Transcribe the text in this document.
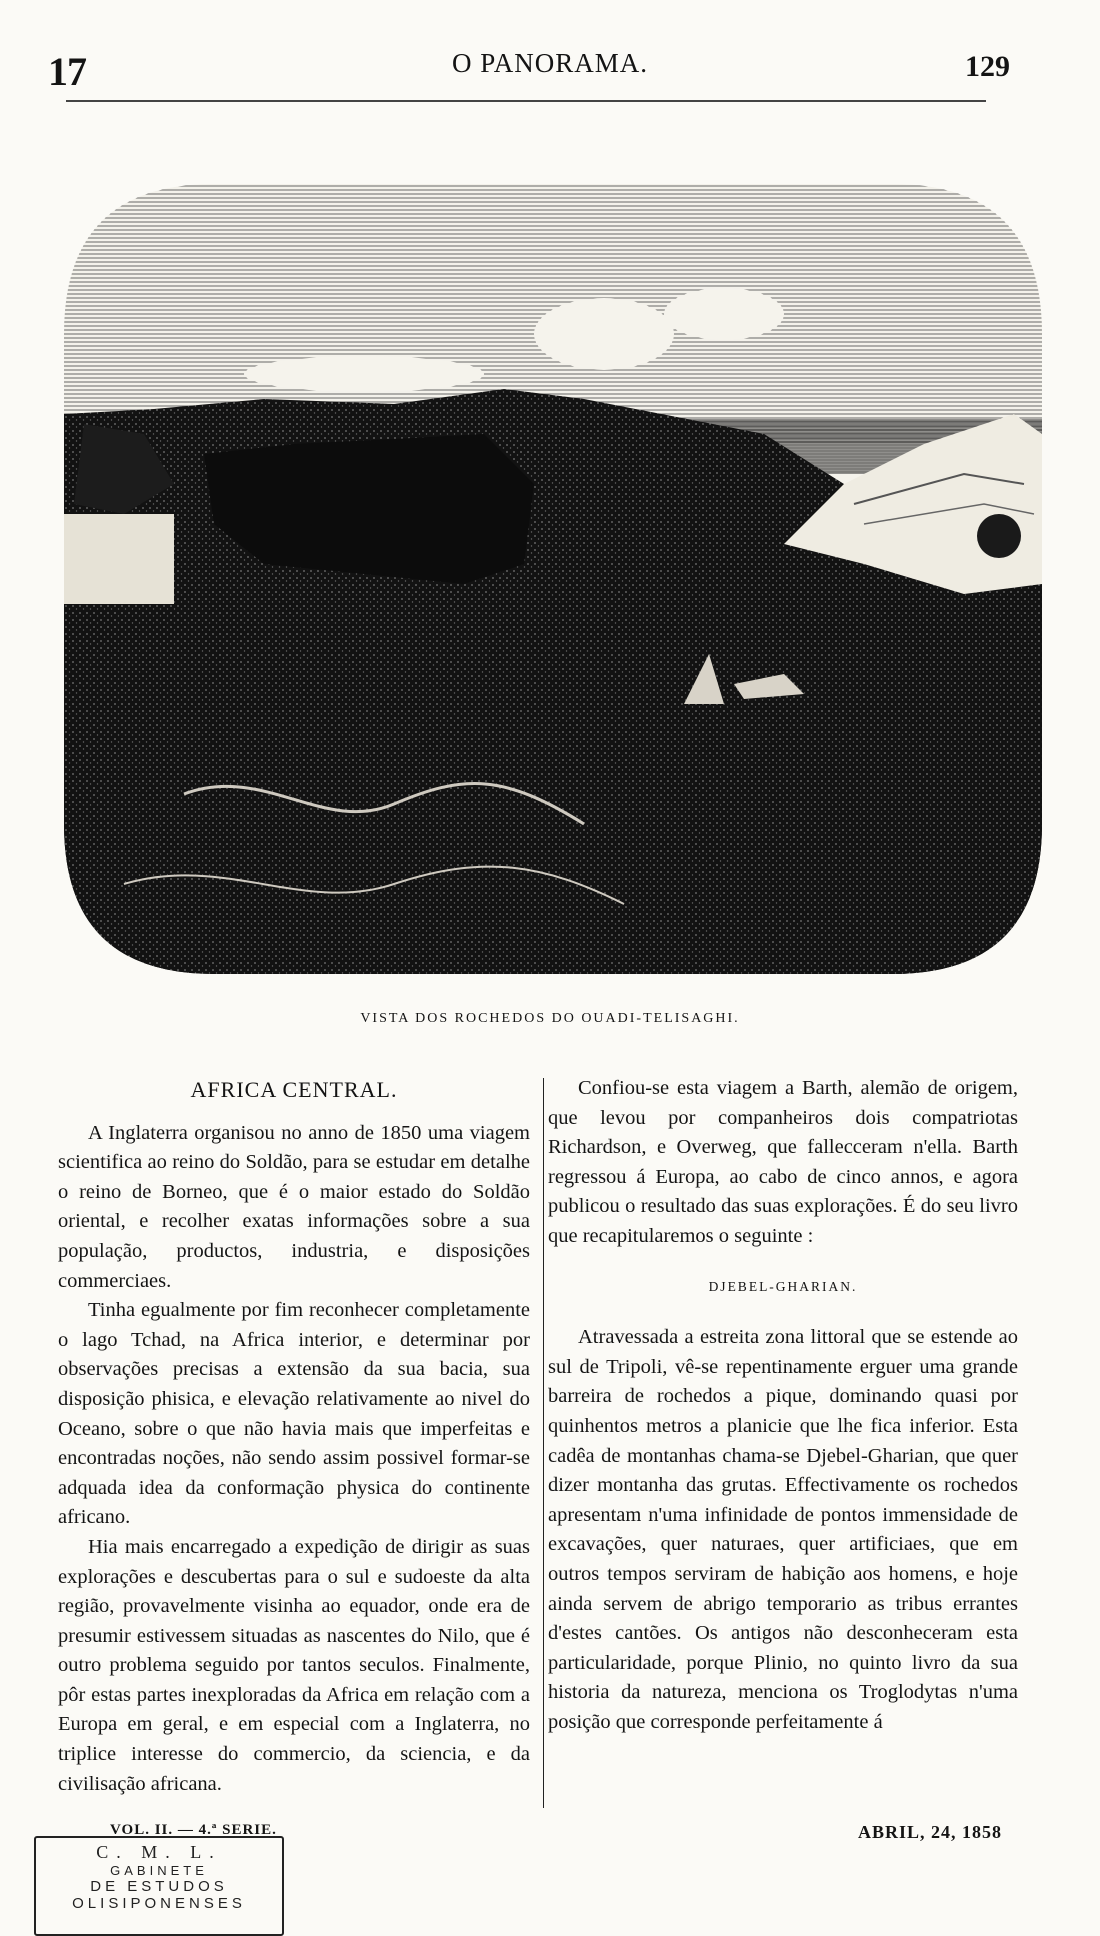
17	O PANORAMA.	129
VISTA DOS ROCHEDOS DO OUADI-TELISAGHI.
AFRICA CENTRAL.

A Inglaterra organisou no anno de 1850 uma viagem scientifica ao reino do Soldão, para se estudar em detalhe o reino de Borneo, que é o maior estado do Soldão oriental, e recolher exatas informações sobre a sua população, productos, industria, e disposições commerciaes.

Tinha egualmente por fim reconhecer completamente o lago Tchad, na Africa interior, e determinar por observações precisas a extensão da sua bacia, sua disposição phisica, e elevação relativamente ao nivel do Oceano, sobre o que não havia mais que imperfeitas e encontradas noções, não sendo assim possivel formar-se adquada idea da conformação physica do continente africano.

Hia mais encarregado a expedição de dirigir as suas explorações e descubertas para o sul e sudoeste da alta região, provavelmente visinha ao equador, onde era de presumir estivessem situadas as nascentes do Nilo, que é outro problema seguido por tantos seculos. Finalmente, pôr estas partes inexploradas da Africa em relação com a Europa em geral, e em especial com a Inglaterra, no triplice interesse do commercio, da sciencia, e da civilisação africana.

Confiou-se esta viagem a Barth, alemão de origem, que levou por companheiros dois compatriotas Richardson, e Overweg, que fallecceram n'ella. Barth regressou á Europa, ao cabo de cinco annos, e agora publicou o resultado das suas explorações. É do seu livro que recapitularemos o seguinte :

DJEBEL-GHARIAN.

Atravessada a estreita zona littoral que se estende ao sul de Tripoli, vê-se repentinamente erguer uma grande barreira de rochedos a pique, dominando quasi por quinhentos metros a planicie que lhe fica inferior. Esta cadêa de montanhas chama-se Djebel-Gharian, que quer dizer montanha das grutas. Effectivamente os rochedos apresentam n'uma infinidade de pontos immensidade de excavações, quer naturaes, quer artificiaes, que em outros tempos serviram de habição aos homens, e hoje ainda servem de abrigo temporario as tribus errantes d'estes cantões. Os antigos não desconheceram esta particularidade, porque Plinio, no quinto livro da sua historia da natureza, menciona os Troglodytas n'uma posição que corresponde perfeitamente á

VOL. II. — 4.ª SERIE.	ABRIL, 24, 1858
C. M. L.
GABINETE
DE ESTUDOS
OLISIPONENSES
